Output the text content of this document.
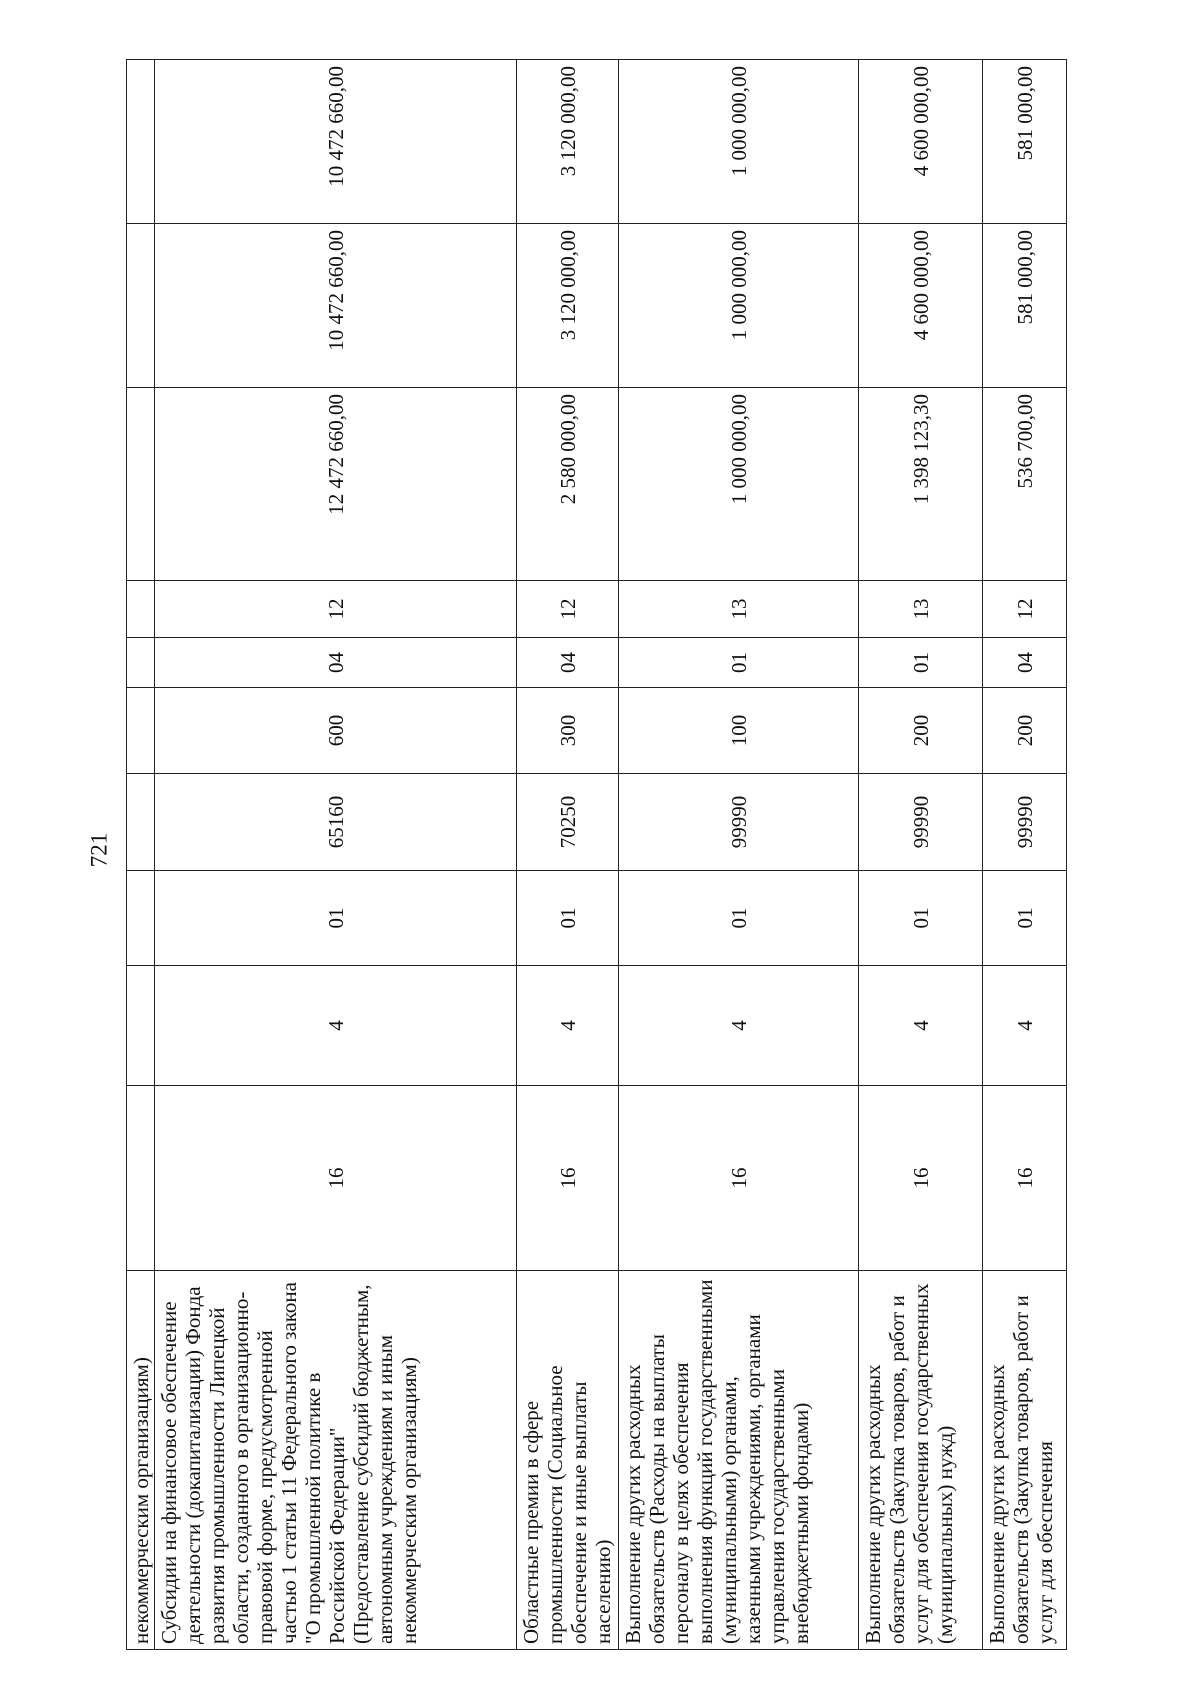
721
некоммерческим организациям)										
Субсидии на финансовое обеспечение деятельности (докапитализации) Фонда развития промышленности Липецкой области, созданного в организационно-правовой форме, предусмотренной частью 1 статьи 11 Федерального закона "О промышленной политике в Российской Федерации" (Предоставление субсидий бюджетным, автономным учреждениям и иным некоммерческим организациям)	16	4	01	65160	600	04	12	12 472 660,00	10 472 660,00	10 472 660,00
Областные премии в сфере промышленности (Социальное обеспечение и иные выплаты населению)	16	4	01	70250	300	04	12	2 580 000,00	3 120 000,00	3 120 000,00
Выполнение других расходных обязательств (Расходы на выплаты персоналу в целях обеспечения выполнения функций государственными (муниципальными) органами, казенными учреждениями, органами управления государственными внебюджетными фондами)	16	4	01	99990	100	01	13	1 000 000,00	1 000 000,00	1 000 000,00
Выполнение других расходных обязательств (Закупка товаров, работ и услуг для обеспечения государственных (муниципальных) нужд)	16	4	01	99990	200	01	13	1 398 123,30	4 600 000,00	4 600 000,00
Выполнение других расходных обязательств (Закупка товаров, работ и услуг для обеспечения	16	4	01	99990	200	04	12	536 700,00	581 000,00	581 000,00
